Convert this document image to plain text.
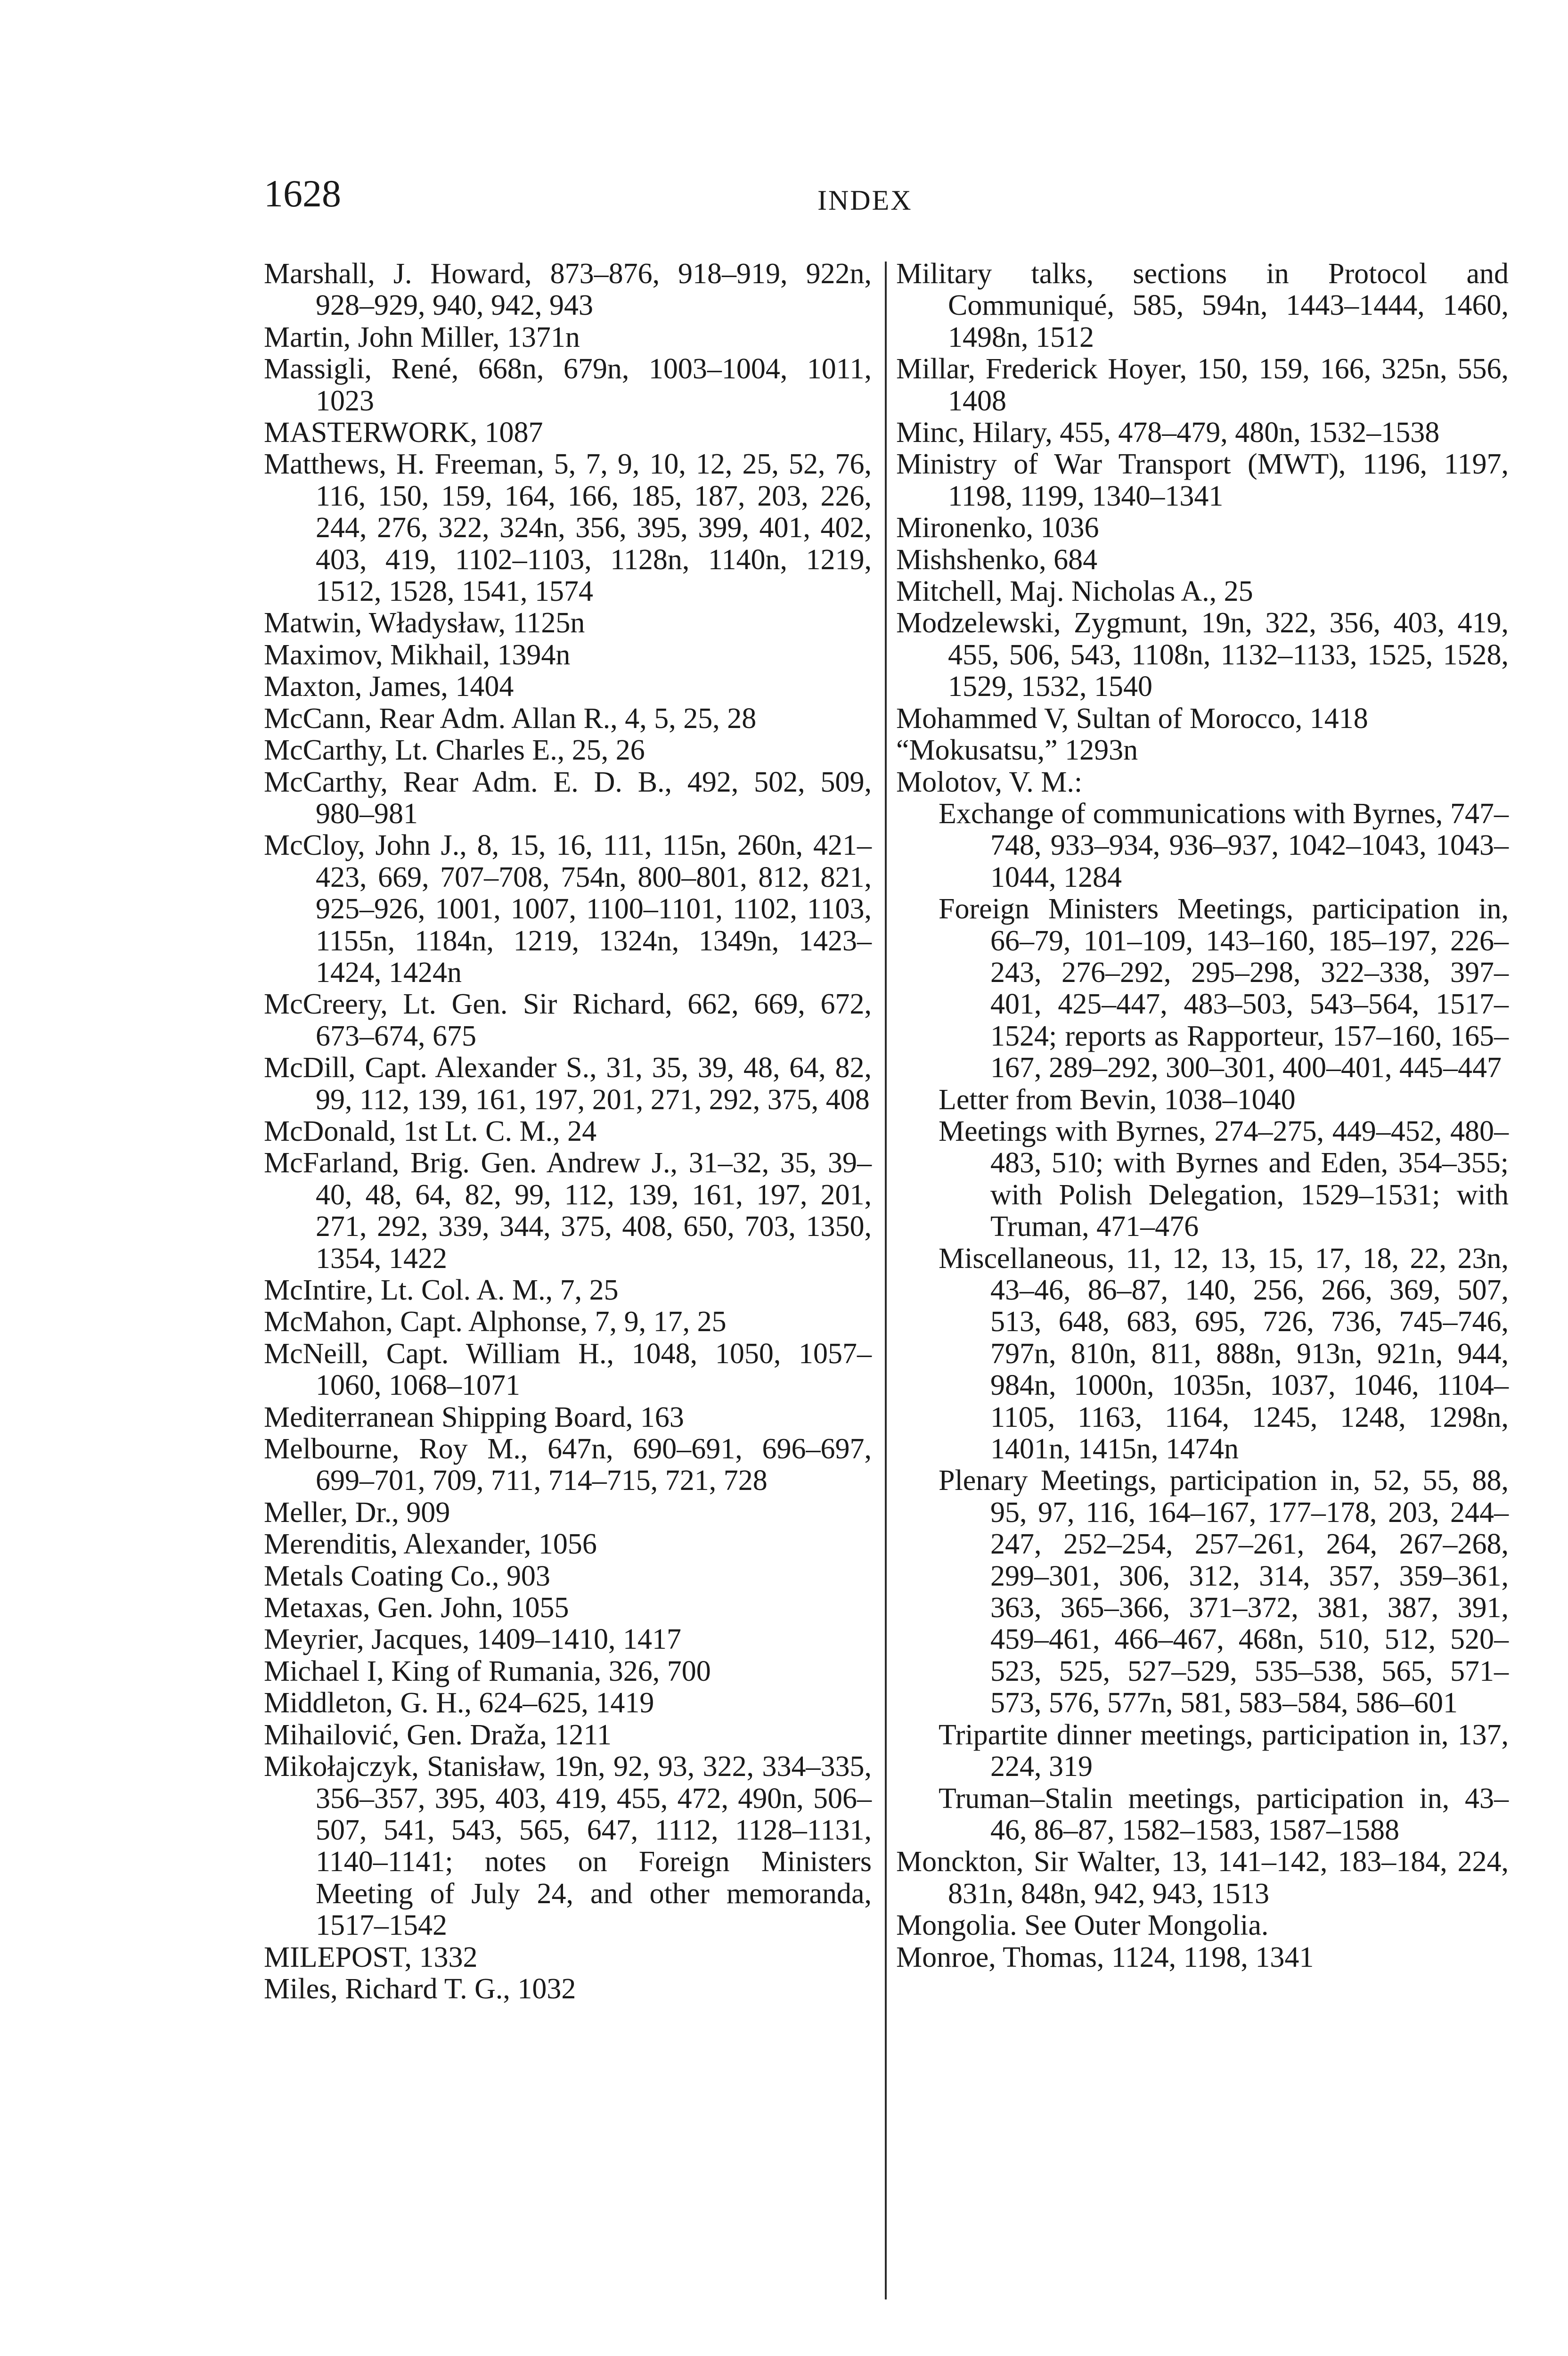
1628	INDEX
Marshall, J. Howard, 873–876, 918–919, 922n, 928–929, 940, 942, 943
Martin, John Miller, 1371n
Massigli, René, 668n, 679n, 1003–1004, 1011, 1023
MASTERWORK, 1087
Matthews, H. Freeman, 5, 7, 9, 10, 12, 25, 52, 76, 116, 150, 159, 164, 166, 185, 187, 203, 226, 244, 276, 322, 324n, 356, 395, 399, 401, 402, 403, 419, 1102–1103, 1128n, 1140n, 1219, 1512, 1528, 1541, 1574
Matwin, Władysław, 1125n
Maximov, Mikhail, 1394n
Maxton, James, 1404
McCann, Rear Adm. Allan R., 4, 5, 25, 28
McCarthy, Lt. Charles E., 25, 26
McCarthy, Rear Adm. E. D. B., 492, 502, 509, 980–981
McCloy, John J., 8, 15, 16, 111, 115n, 260n, 421–423, 669, 707–708, 754n, 800–801, 812, 821, 925–926, 1001, 1007, 1100–1101, 1102, 1103, 1155n, 1184n, 1219, 1324n, 1349n, 1423–1424, 1424n
McCreery, Lt. Gen. Sir Richard, 662, 669, 672, 673–674, 675
McDill, Capt. Alexander S., 31, 35, 39, 48, 64, 82, 99, 112, 139, 161, 197, 201, 271, 292, 375, 408
McDonald, 1st Lt. C. M., 24
McFarland, Brig. Gen. Andrew J., 31–32, 35, 39–40, 48, 64, 82, 99, 112, 139, 161, 197, 201, 271, 292, 339, 344, 375, 408, 650, 703, 1350, 1354, 1422
McIntire, Lt. Col. A. M., 7, 25
McMahon, Capt. Alphonse, 7, 9, 17, 25
McNeill, Capt. William H., 1048, 1050, 1057–1060, 1068–1071
Mediterranean Shipping Board, 163
Melbourne, Roy M., 647n, 690–691, 696–697, 699–701, 709, 711, 714–715, 721, 728
Meller, Dr., 909
Merenditis, Alexander, 1056
Metals Coating Co., 903
Metaxas, Gen. John, 1055
Meyrier, Jacques, 1409–1410, 1417
Michael I, King of Rumania, 326, 700
Middleton, G. H., 624–625, 1419
Mihailović, Gen. Draža, 1211
Mikołajczyk, Stanisław, 19n, 92, 93, 322, 334–335, 356–357, 395, 403, 419, 455, 472, 490n, 506–507, 541, 543, 565, 647, 1112, 1128–1131, 1140–1141; notes on Foreign Ministers Meeting of July 24, and other memoranda, 1517–1542
MILEPOST, 1332
Miles, Richard T. G., 1032
Military talks, sections in Protocol and Communiqué, 585, 594n, 1443–1444, 1460, 1498n, 1512
Millar, Frederick Hoyer, 150, 159, 166, 325n, 556, 1408
Minc, Hilary, 455, 478–479, 480n, 1532–1538
Ministry of War Transport (MWT), 1196, 1197, 1198, 1199, 1340–1341
Mironenko, 1036
Mishshenko, 684
Mitchell, Maj. Nicholas A., 25
Modzelewski, Zygmunt, 19n, 322, 356, 403, 419, 455, 506, 543, 1108n, 1132–1133, 1525, 1528, 1529, 1532, 1540
Mohammed V, Sultan of Morocco, 1418
“Mokusatsu,” 1293n
Molotov, V. M.:
Exchange of communications with Byrnes, 747–748, 933–934, 936–937, 1042–1043, 1043–1044, 1284
Foreign Ministers Meetings, participation in, 66–79, 101–109, 143–160, 185–197, 226–243, 276–292, 295–298, 322–338, 397–401, 425–447, 483–503, 543–564, 1517–1524; reports as Rapporteur, 157–160, 165–167, 289–292, 300–301, 400–401, 445–447
Letter from Bevin, 1038–1040
Meetings with Byrnes, 274–275, 449–452, 480–483, 510; with Byrnes and Eden, 354–355; with Polish Delegation, 1529–1531; with Truman, 471–476
Miscellaneous, 11, 12, 13, 15, 17, 18, 22, 23n, 43–46, 86–87, 140, 256, 266, 369, 507, 513, 648, 683, 695, 726, 736, 745–746, 797n, 810n, 811, 888n, 913n, 921n, 944, 984n, 1000n, 1035n, 1037, 1046, 1104–1105, 1163, 1164, 1245, 1248, 1298n, 1401n, 1415n, 1474n
Plenary Meetings, participation in, 52, 55, 88, 95, 97, 116, 164–167, 177–178, 203, 244–247, 252–254, 257–261, 264, 267–268, 299–301, 306, 312, 314, 357, 359–361, 363, 365–366, 371–372, 381, 387, 391, 459–461, 466–467, 468n, 510, 512, 520–523, 525, 527–529, 535–538, 565, 571–573, 576, 577n, 581, 583–584, 586–601
Tripartite dinner meetings, participation in, 137, 224, 319
Truman–Stalin meetings, participation in, 43–46, 86–87, 1582–1583, 1587–1588
Monckton, Sir Walter, 13, 141–142, 183–184, 224, 831n, 848n, 942, 943, 1513
Mongolia. See Outer Mongolia.
Monroe, Thomas, 1124, 1198, 1341
